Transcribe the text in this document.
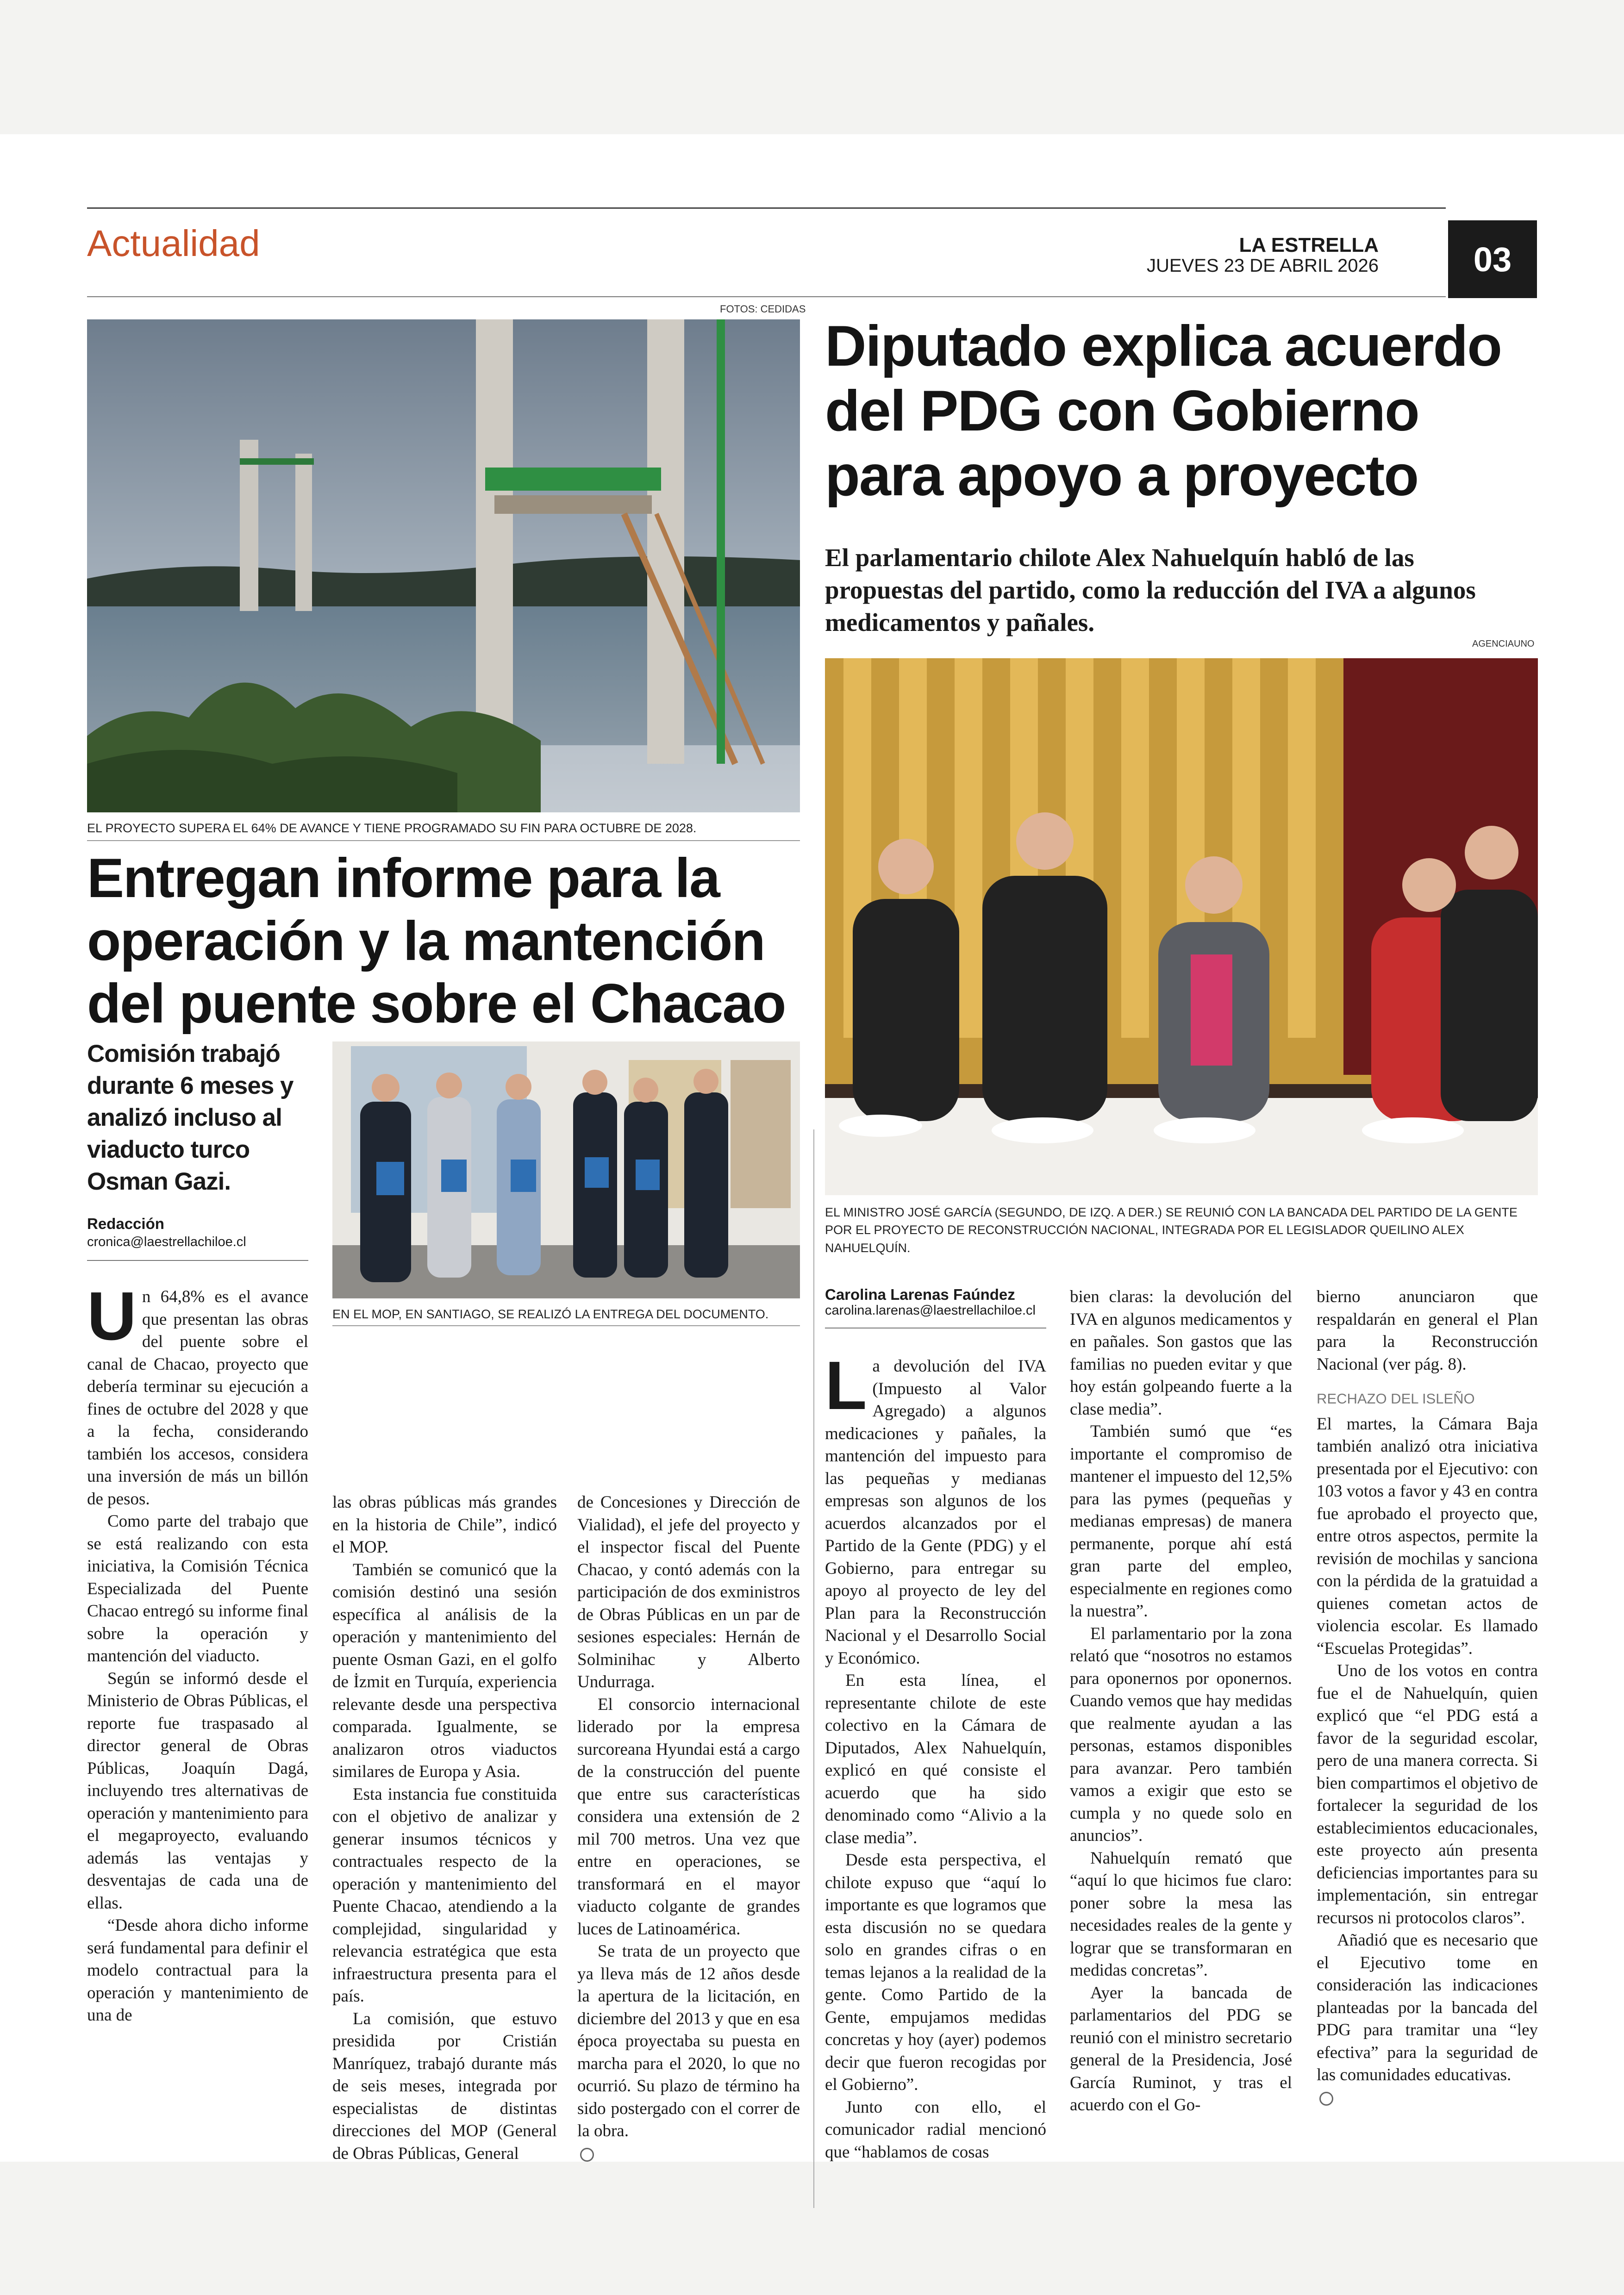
Actualidad	LA ESTRELLA
JUEVES 23 DE ABRIL 2026	03
FOTOS: CEDIDAS
EL PROYECTO SUPERA EL 64% DE AVANCE Y TIENE PROGRAMADO SU FIN PARA OCTUBRE DE 2028.
Entregan informe para la operación y la mantención del puente sobre el Chacao
Comisión trabajó durante 6 meses y analizó incluso al viaducto turco Osman Gazi.
Redacción
cronica@laestrellachiloe.cl
EN EL MOP, EN SANTIAGO, SE REALIZÓ LA ENTREGA DEL DOCUMENTO.
U n 64,8% es el avance que presentan las obras del puente sobre el canal de Chacao, proyecto que debería terminar su ejecución a fines de octubre del 2028 y que a la fecha, considerando también los accesos, considera una inversión de más un billón de pesos.

Como parte del trabajo que se está realizando con esta iniciativa, la Comisión Técnica Especializada del Puente Chacao entregó su informe final sobre la operación y mantención del viaducto.

Según se informó desde el Ministerio de Obras Públicas, el reporte fue traspasado al director general de Obras Públicas, Joaquín Dagá, incluyendo tres alternativas de operación y mantenimiento para el megaproyecto, evaluando además las ventajas y desventajas de cada una de ellas.

“Desde ahora dicho informe será fundamental para definir el modelo contractual para la operación y mantenimiento de una de

las obras públicas más grandes en la historia de Chile”, indicó el MOP.

También se comunicó que la comisión destinó una sesión específica al análisis de la operación y mantenimiento del puente Osman Gazi, en el golfo de İzmit en Turquía, experiencia relevante desde una perspectiva comparada. Igualmente, se analizaron otros viaductos similares de Europa y Asia.

Esta instancia fue constituida con el objetivo de analizar y generar insumos técnicos y contractuales respecto de la operación y mantenimiento del Puente Chacao, atendiendo a la complejidad, singularidad y relevancia estratégica que esta infraestructura presenta para el país.

La comisión, que estuvo presidida por Cristián Manríquez, trabajó durante más de seis meses, integrada por especialistas de distintas direcciones del MOP (General de Obras Públicas, General

de Concesiones y Dirección de Vialidad), el jefe del proyecto y el inspector fiscal del Puente Chacao, y contó además con la participación de dos exministros de Obras Públicas en un par de sesiones especiales: Hernán de Solminihac y Alberto Undurraga.

El consorcio internacional liderado por la empresa surcoreana Hyundai está a cargo de la construcción del puente que entre sus características considera una extensión de 2 mil 700 metros. Una vez que entre en operaciones, se transformará en el mayor viaducto colgante de grandes luces de Latinoamérica.

Se trata de un proyecto que ya lleva más de 12 años desde la apertura de la licitación, en diciembre del 2013 y que en esa época proyectaba su puesta en marcha para el 2020, lo que no ocurrió. Su plazo de término ha sido postergado con el correr de la obra.

Diputado explica acuerdo del PDG con Gobierno para apoyo a proyecto
El parlamentario chilote Alex Nahuelquín habló de las propuestas del partido, como la reducción del IVA a algunos medicamentos y pañales.
AGENCIAUNO
EL MINISTRO JOSÉ GARCÍA (SEGUNDO, DE IZQ. A DER.) SE REUNIÓ CON LA BANCADA DEL PARTIDO DE LA GENTE POR EL PROYECTO DE RECONSTRUCCIÓN NACIONAL, INTEGRADA POR EL LEGISLADOR QUEILINO ALEX NAHUELQUÍN.
Carolina Larenas Faúndez
carolina.larenas@laestrellachiloe.cl
L a devolución del IVA (Impuesto al Valor Agregado) a algunos medicaciones y pañales, la mantención del impuesto para las pequeñas y medianas empresas son algunos de los acuerdos alcanzados por el Partido de la Gente (PDG) y el Gobierno, para entregar su apoyo al proyecto de ley del Plan para la Reconstrucción Nacional y el Desarrollo Social y Económico.

En esta línea, el representante chilote de este colectivo en la Cámara de Diputados, Alex Nahuelquín, explicó en qué consiste el acuerdo que ha sido denominado como “Alivio a la clase media”.

Desde esta perspectiva, el chilote expuso que “aquí lo importante es que logramos que esta discusión no se quedara solo en grandes cifras o en temas lejanos a la realidad de la gente. Como Partido de la Gente, empujamos medidas concretas y hoy (ayer) podemos decir que fueron recogidas por el Gobierno”.

Junto con ello, el comunicador radial mencionó que “hablamos de cosas

bien claras: la devolución del IVA en algunos medicamentos y en pañales. Son gastos que las familias no pueden evitar y que hoy están golpeando fuerte a la clase media”.

También sumó que “es importante el compromiso de mantener el impuesto del 12,5% para las pymes (pequeñas y medianas empresas) de manera permanente, porque ahí está gran parte del empleo, especialmente en regiones como la nuestra”.

El parlamentario por la zona relató que “nosotros no estamos para oponernos por oponernos. Cuando vemos que hay medidas que realmente ayudan a las personas, estamos disponibles para avanzar. Pero también vamos a exigir que esto se cumpla y no quede solo en anuncios”.

Nahuelquín remató que “aquí lo que hicimos fue claro: poner sobre la mesa las necesidades reales de la gente y lograr que se transformaran en medidas concretas”.

Ayer la bancada de parlamentarios del PDG se reunió con el ministro secretario general de la Presidencia, José García Ruminot, y tras el acuerdo con el Go-

bierno anunciaron que respaldarán en general el Plan para la Reconstrucción Nacional (ver pág. 8).

RECHAZO DEL ISLEÑO

El martes, la Cámara Baja también analizó otra iniciativa presentada por el Ejecutivo: con 103 votos a favor y 43 en contra fue aprobado el proyecto que, entre otros aspectos, permite la revisión de mochilas y sanciona con la pérdida de la gratuidad a quienes cometan actos de violencia escolar. Es llamado “Escuelas Protegidas”.

Uno de los votos en contra fue el de Nahuelquín, quien explicó que “el PDG está a favor de la seguridad escolar, pero de una manera correcta. Si bien compartimos el objetivo de fortalecer la seguridad de los establecimientos educacionales, este proyecto aún presenta deficiencias importantes para su implementación, sin entregar recursos ni protocolos claros”.

Añadió que es necesario que el Ejecutivo tome en consideración las indicaciones planteadas por la bancada del PDG para tramitar una “ley efectiva” para la seguridad de las comunidades educativas.
